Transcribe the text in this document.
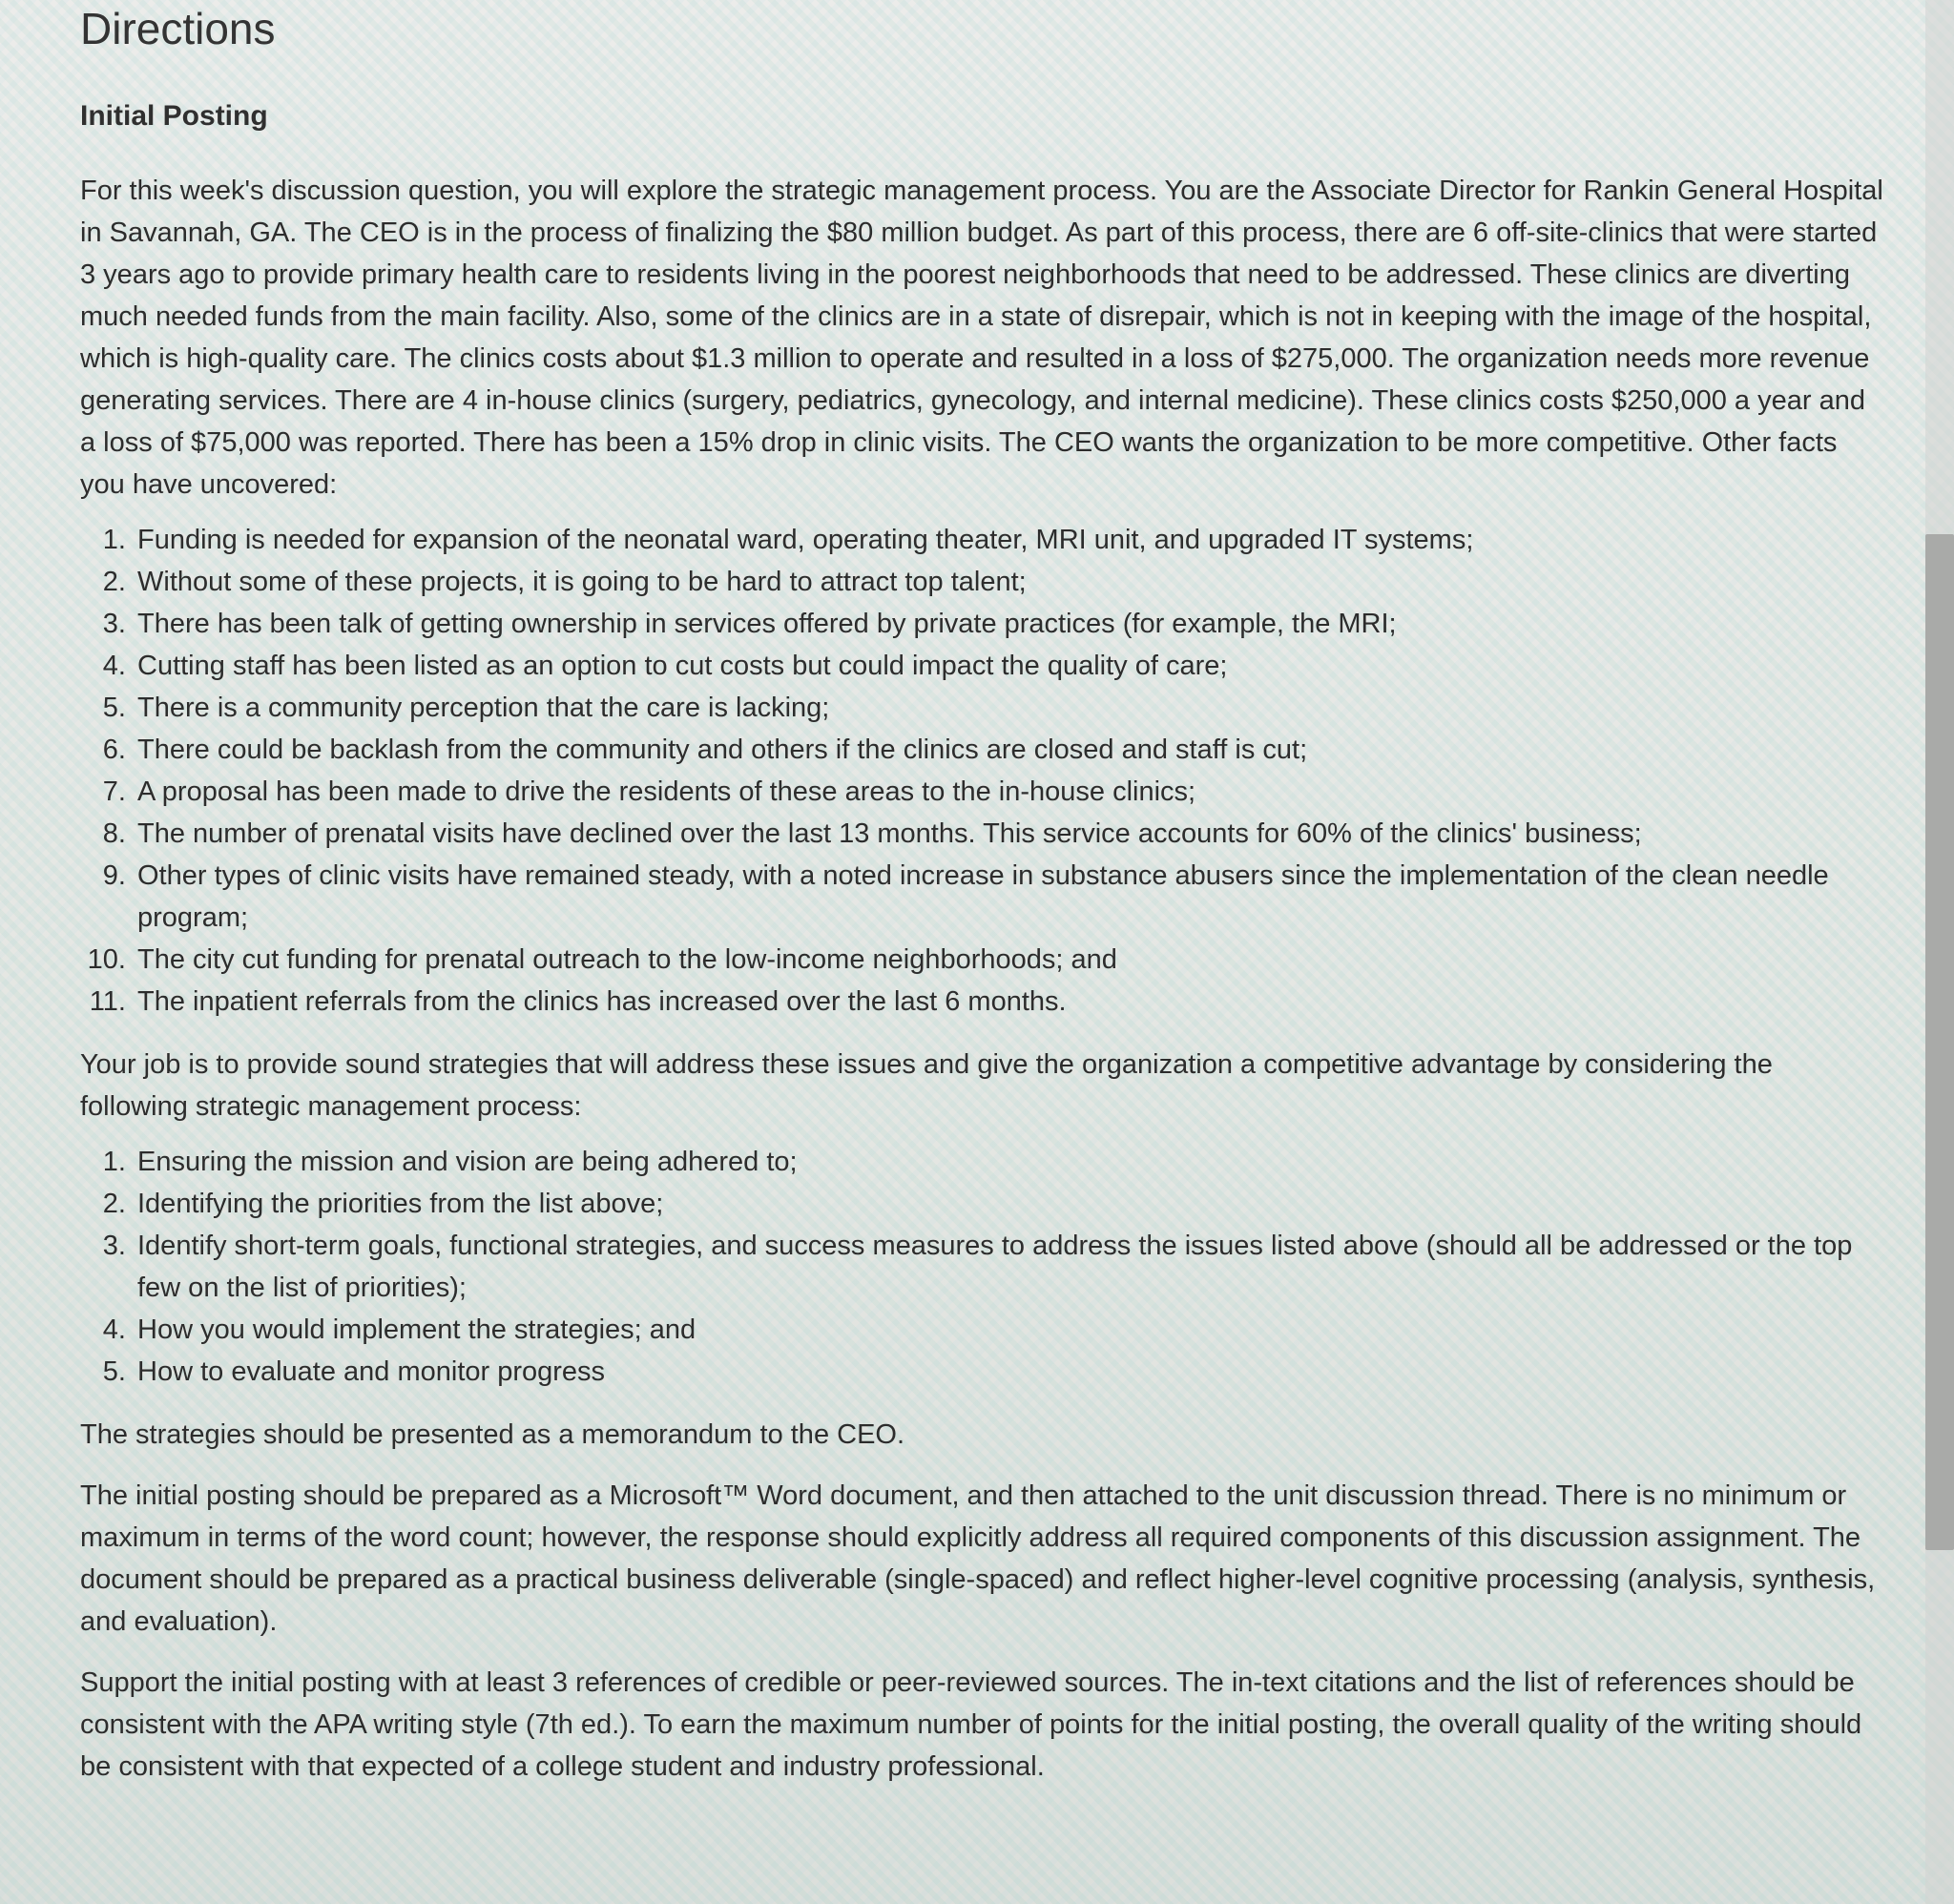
Directions
Initial Posting

For this week's discussion question, you will explore the strategic management process. You are the Associate Director for Rankin General Hospital in Savannah, GA. The CEO is in the process of finalizing the $80 million budget. As part of this process, there are 6 off-site-clinics that were started 3 years ago to provide primary health care to residents living in the poorest neighborhoods that need to be addressed. These clinics are diverting much needed funds from the main facility. Also, some of the clinics are in a state of disrepair, which is not in keeping with the image of the hospital, which is high-quality care. The clinics costs about $1.3 million to operate and resulted in a loss of $275,000. The organization needs more revenue generating services. There are 4 in-house clinics (surgery, pediatrics, gynecology, and internal medicine). These clinics costs $250,000 a year and a loss of $75,000 was reported. There has been a 15% drop in clinic visits. The CEO wants the organization to be more competitive. Other facts you have uncovered:

1. Funding is needed for expansion of the neonatal ward, operating theater, MRI unit, and upgraded IT systems;
2. Without some of these projects, it is going to be hard to attract top talent;
3. There has been talk of getting ownership in services offered by private practices (for example, the MRI;
4. Cutting staff has been listed as an option to cut costs but could impact the quality of care;
5. There is a community perception that the care is lacking;
6. There could be backlash from the community and others if the clinics are closed and staff is cut;
7. A proposal has been made to drive the residents of these areas to the in-house clinics;
8. The number of prenatal visits have declined over the last 13 months. This service accounts for 60% of the clinics' business;
9. Other types of clinic visits have remained steady, with a noted increase in substance abusers since the implementation of the clean needle program;
10. The city cut funding for prenatal outreach to the low-income neighborhoods; and
11. The inpatient referrals from the clinics has increased over the last 6 months.

Your job is to provide sound strategies that will address these issues and give the organization a competitive advantage by considering the following strategic management process:

1. Ensuring the mission and vision are being adhered to;
2. Identifying the priorities from the list above;
3. Identify short-term goals, functional strategies, and success measures to address the issues listed above (should all be addressed or the top few on the list of priorities);
4. How you would implement the strategies; and
5. How to evaluate and monitor progress

The strategies should be presented as a memorandum to the CEO.

The initial posting should be prepared as a Microsoft™ Word document, and then attached to the unit discussion thread. There is no minimum or maximum in terms of the word count; however, the response should explicitly address all required components of this discussion assignment. The document should be prepared as a practical business deliverable (single-spaced) and reflect higher-level cognitive processing (analysis, synthesis, and evaluation).

Support the initial posting with at least 3 references of credible or peer-reviewed sources. The in-text citations and the list of references should be consistent with the APA writing style (7th ed.). To earn the maximum number of points for the initial posting, the overall quality of the writing should be consistent with that expected of a college student and industry professional.
